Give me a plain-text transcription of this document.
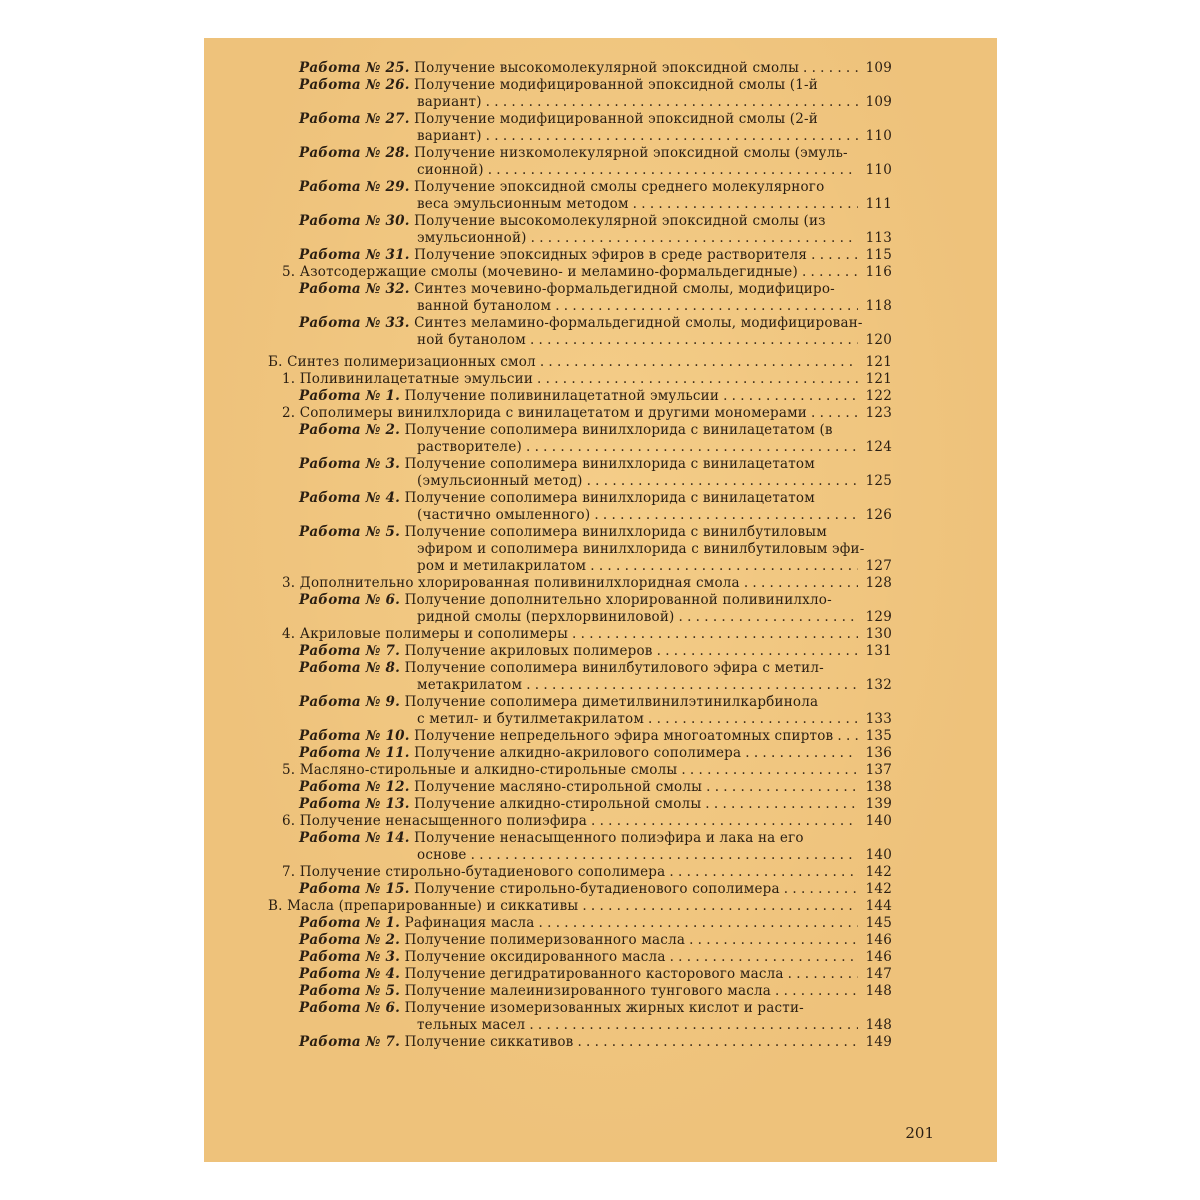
Работа № 25. Получение высокомолекулярной эпоксидной смолы . . .	109
Работа № 26. Получение модифицированной эпоксидной смолы (1-й
вариант) . . .	109
Работа № 27. Получение модифицированной эпоксидной смолы (2-й
вариант) . . .	110
Работа № 28. Получение низкомолекулярной эпоксидной смолы (эмуль-
сионной) . . .	110
Работа № 29. Получение эпоксидной смолы среднего молекулярного
веса эмульсионным методом . . .	111
Работа № 30. Получение высокомолекулярной эпоксидной смолы (из
эмульсионной) . . .	113
Работа № 31. Получение эпоксидных эфиров в среде растворителя . . .	115
5. Азотсодержащие смолы (мочевино- и меламино-формальдегидные) . . .	116
Работа № 32. Синтез мочевино-формальдегидной смолы, модифициро-
ванной бутанолом . . .	118
Работа № 33. Синтез меламино-формальдегидной смолы, модифицирован-
ной бутанолом . . .	120
Б. Синтез полимеризационных смол . . .	121
1. Поливинилацетатные эмульсии . . .	121
Работа № 1. Получение поливинилацетатной эмульсии . . .	122
2. Сополимеры винилхлорида с винилацетатом и другими мономерами . . .	123
Работа № 2. Получение сополимера винилхлорида с винилацетатом (в
растворителе) . . .	124
Работа № 3. Получение сополимера винилхлорида с винилацетатом
(эмульсионный метод) . . .	125
Работа № 4. Получение сополимера винилхлорида с винилацетатом
(частично омыленного) . . .	126
Работа № 5. Получение сополимера винилхлорида с винилбутиловым
эфиром и сополимера винилхлорида с винилбутиловым эфи-
ром и метилакрилатом . . .	127
3. Дополнительно хлорированная поливинилхлоридная смола . . .	128
Работа № 6. Получение дополнительно хлорированной поливинилхло-
ридной смолы (перхлорвиниловой) . . .	129
4. Акриловые полимеры и сополимеры . . .	130
Работа № 7. Получение акриловых полимеров . . .	131
Работа № 8. Получение сополимера винилбутилового эфира с метил-
метакрилатом . . .	132
Работа № 9. Получение сополимера диметилвинилэтинилкарбинола
с метил- и бутилметакрилатом . . .	133
Работа № 10. Получение непредельного эфира многоатомных спиртов . . . 135
Работа № 11. Получение алкидно-акрилового сополимера . . .	136
5. Масляно-стирольные и алкидно-стирольные смолы . . .	137
Работа № 12. Получение масляно-стирольной смолы . . .	138
Работа № 13. Получение алкидно-стирольной смолы . . .	139
6. Получение ненасыщенного полиэфира . . .	140
Работа № 14. Получение ненасыщенного полиэфира и лака на его
основе . . .	140
7. Получение стирольно-бутадиенового сополимера . . .	142
Работа № 15. Получение стирольно-бутадиенового сополимера . . .	142
В. Масла (препарированные) и сиккативы . . .	144
Работа № 1. Рафинация масла . . .	145
Работа № 2. Получение полимеризованного масла . . .	146
Работа № 3. Получение оксидированного масла . . .	146
Работа № 4. Получение дегидратированного касторового масла . . .	147
Работа № 5. Получение малеинизированного тунгового масла . . .	148
Работа № 6. Получение изомеризованных жирных кислот и расти-
тельных масел . . .	148
Работа № 7. Получение сиккативов . . .	149
201
